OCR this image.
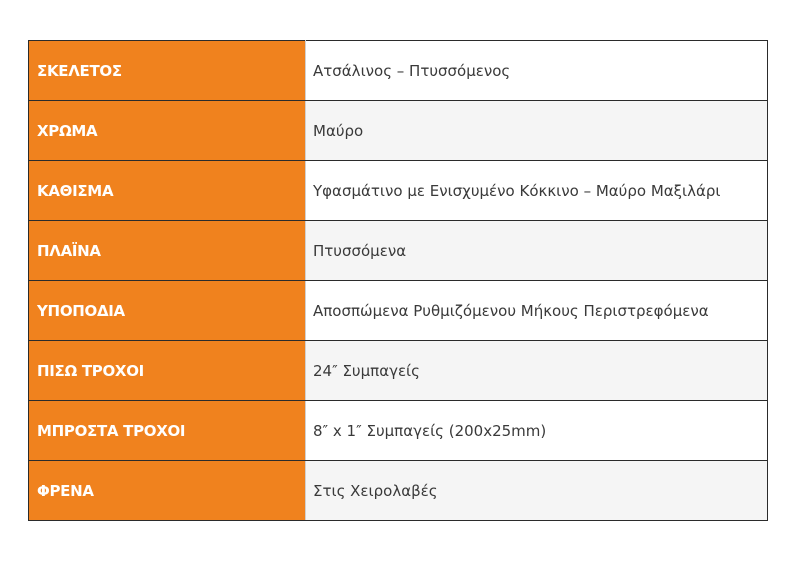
ΣΚΕΛΕΤΟΣ	Ατσάλινος – Πτυσσόμενος
ΧΡΩΜΑ	Μαύρο
ΚΑΘΙΣΜΑ	Υφασμάτινο με Ενισχυμένο Κόκκινο – Μαύρο Μαξιλάρι
ΠΛΑΪΝΑ	Πτυσσόμενα
ΥΠΟΠΟΔΙΑ	Αποσπώμενα Ρυθμιζόμενου Μήκους Περιστρεφόμενα
ΠΙΣΩ ΤΡΟΧΟΙ	24″ Συμπαγείς
ΜΠΡΟΣΤΑ ΤΡΟΧΟΙ	8″ x 1″ Συμπαγείς (200x25mm)
ΦΡΕΝΑ	Στις Χειρολαβές
